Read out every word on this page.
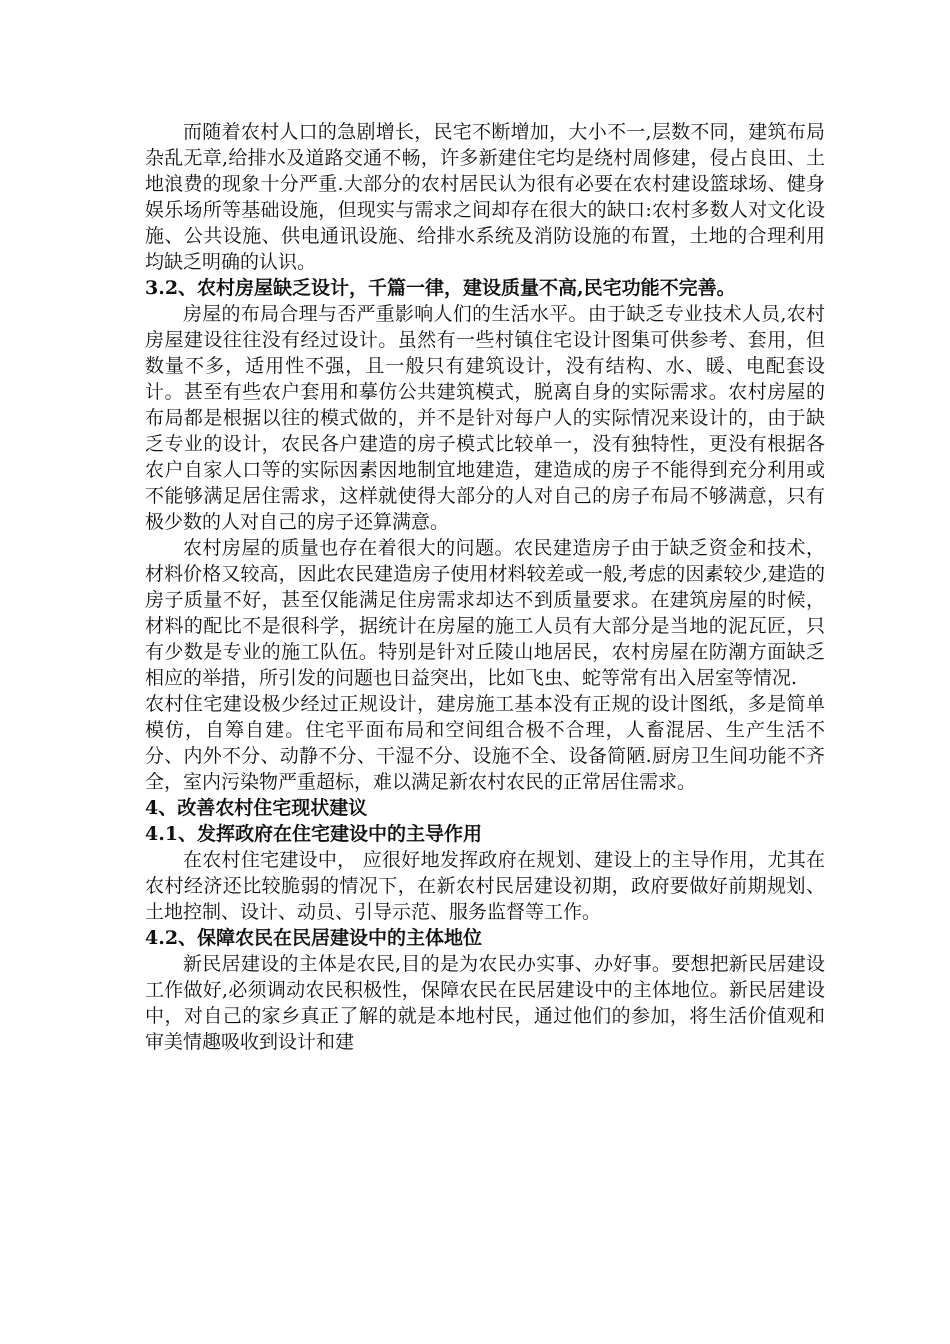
而随着农村人口的急剧增长，民宅不断增加，大小不一,层数不同，建筑布局杂乱无章,给排水及道路交通不畅，许多新建住宅均是绕村周修建，侵占良田、土地浪费的现象十分严重.大部分的农村居民认为很有必要在农村建设篮球场、健身娱乐场所等基础设施，但现实与需求之间却存在很大的缺口:农村多数人对文化设施、公共设施、供电通讯设施、给排水系统及消防设施的布置，土地的合理利用均缺乏明确的认识。

3.2、农村房屋缺乏设计，千篇一律，建设质量不高,民宅功能不完善。

房屋的布局合理与否严重影响人们的生活水平。由于缺乏专业技术人员,农村房屋建设往往没有经过设计。虽然有一些村镇住宅设计图集可供参考、套用，但数量不多，适用性不强，且一般只有建筑设计，没有结构、水、暖、电配套设计。甚至有些农户套用和摹仿公共建筑模式，脱离自身的实际需求。农村房屋的布局都是根据以往的模式做的，并不是针对每户人的实际情况来设计的，由于缺乏专业的设计，农民各户建造的房子模式比较单一，没有独特性，更没有根据各农户自家人口等的实际因素因地制宜地建造，建造成的房子不能得到充分利用或不能够满足居住需求，这样就使得大部分的人对自己的房子布局不够满意，只有极少数的人对自己的房子还算满意。

农村房屋的质量也存在着很大的问题。农民建造房子由于缺乏资金和技术，材料价格又较高，因此农民建造房子使用材料较差或一般,考虑的因素较少,建造的房子质量不好，甚至仅能满足住房需求却达不到质量要求。在建筑房屋的时候，材料的配比不是很科学，据统计在房屋的施工人员有大部分是当地的泥瓦匠，只有少数是专业的施工队伍。特别是针对丘陵山地居民，农村房屋在防潮方面缺乏相应的举措，所引发的问题也日益突出，比如飞虫、蛇等常有出入居室等情况.

农村住宅建设极少经过正规设计，建房施工基本没有正规的设计图纸，多是简单模仿，自筹自建。住宅平面布局和空间组合极不合理，人畜混居、生产生活不分、内外不分、动静不分、干湿不分、设施不全、设备简陋.厨房卫生间功能不齐全，室内污染物严重超标，难以满足新农村农民的正常居住需求。

4、改善农村住宅现状建议

4.1、发挥政府在住宅建设中的主导作用

在农村住宅建设中， 应很好地发挥政府在规划、建设上的主导作用，尤其在农村经济还比较脆弱的情况下，在新农村民居建设初期，政府要做好前期规划、土地控制、设计、动员、引导示范、服务监督等工作。

4.2、保障农民在民居建设中的主体地位

新民居建设的主体是农民,目的是为农民办实事、办好事。要想把新民居建设工作做好,必须调动农民积极性，保障农民在民居建设中的主体地位。新民居建设中，对自己的家乡真正了解的就是本地村民，通过他们的参加，将生活价值观和审美情趣吸收到设计和建
